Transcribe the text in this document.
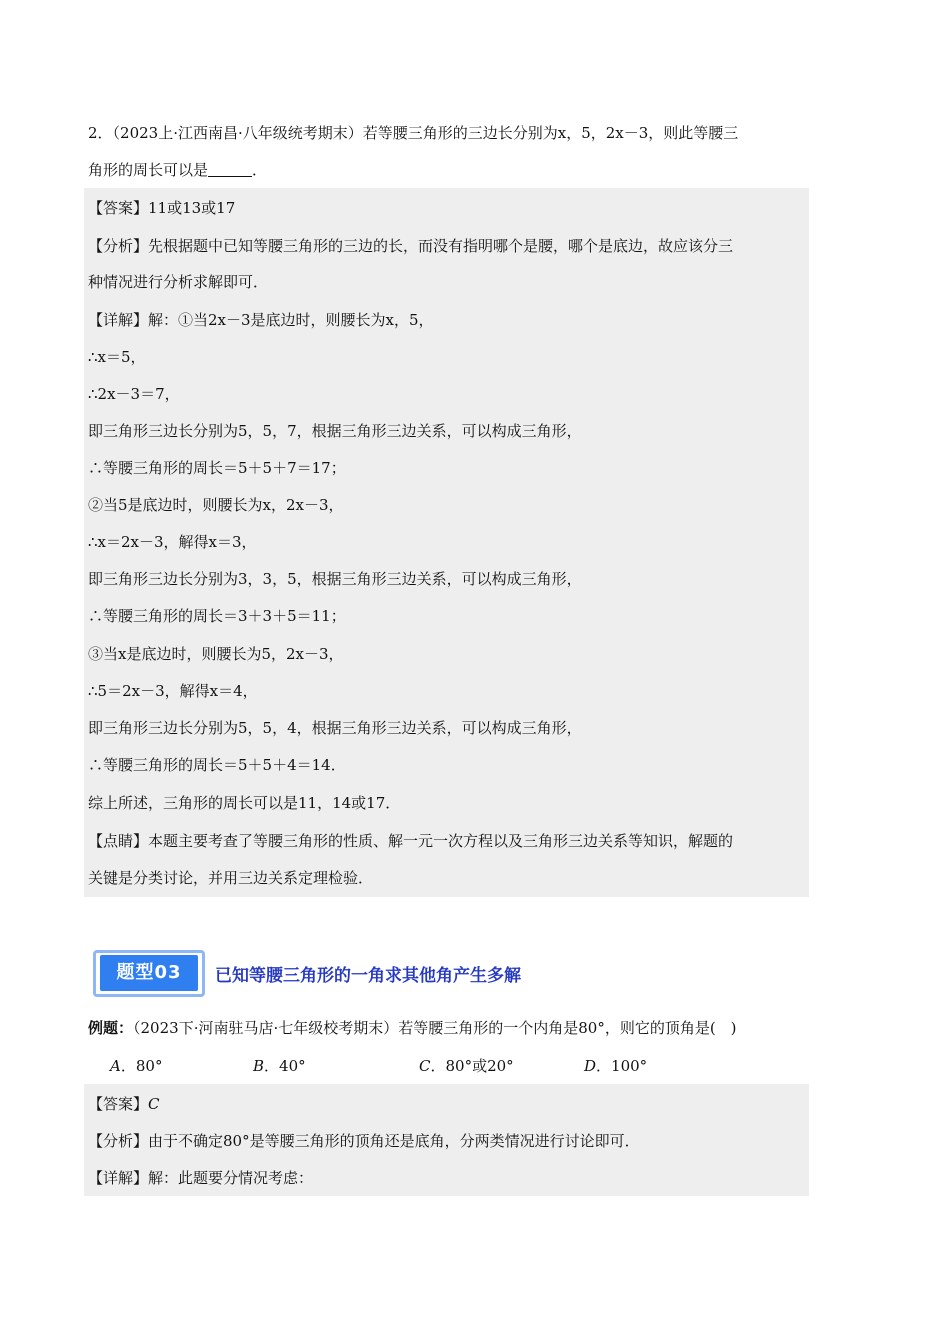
2．（2023上·江西南昌·八年级统考期末）若等腰三角形的三边长分别为x，5，2x－3，则此等腰三
角形的周长可以是	．
【答案】11或13或17
【分析】先根据题中已知等腰三角形的三边的长，而没有指明哪个是腰，哪个是底边，故应该分三
种情况进行分析求解即可．
【详解】解：①当2x－3是底边时，则腰长为x，5，
∴x＝5，
∴2x－3＝7，
即三角形三边长分别为5，5，7，根据三角形三边关系，可以构成三角形，
∴等腰三角形的周长＝5＋5＋7＝17；
②当5是底边时，则腰长为x，2x－3，
∴x＝2x－3，解得x＝3，
即三角形三边长分别为3，3，5，根据三角形三边关系，可以构成三角形，
∴等腰三角形的周长＝3＋3＋5＝11；
③当x是底边时，则腰长为5，2x－3，
∴5＝2x－3，解得x＝4，
即三角形三边长分别为5，5，4，根据三角形三边关系，可以构成三角形，
∴等腰三角形的周长＝5＋5＋4＝14．
综上所述，三角形的周长可以是11，14或17．
【点睛】本题主要考查了等腰三角形的性质、解一元一次方程以及三角形三边关系等知识，解题的
关键是分类讨论，并用三边关系定理检验．
题型03	已知等腰三角形的一角求其他角产生多解
例题：（2023下·河南驻马店·七年级校考期末）若等腰三角形的一个内角是80°，则它的顶角是(　)
A．80°	B．40°	C．80°或20°	D．100°
【答案】C
【分析】由于不确定80°是等腰三角形的顶角还是底角，分两类情况进行讨论即可．
【详解】解：此题要分情况考虑：
